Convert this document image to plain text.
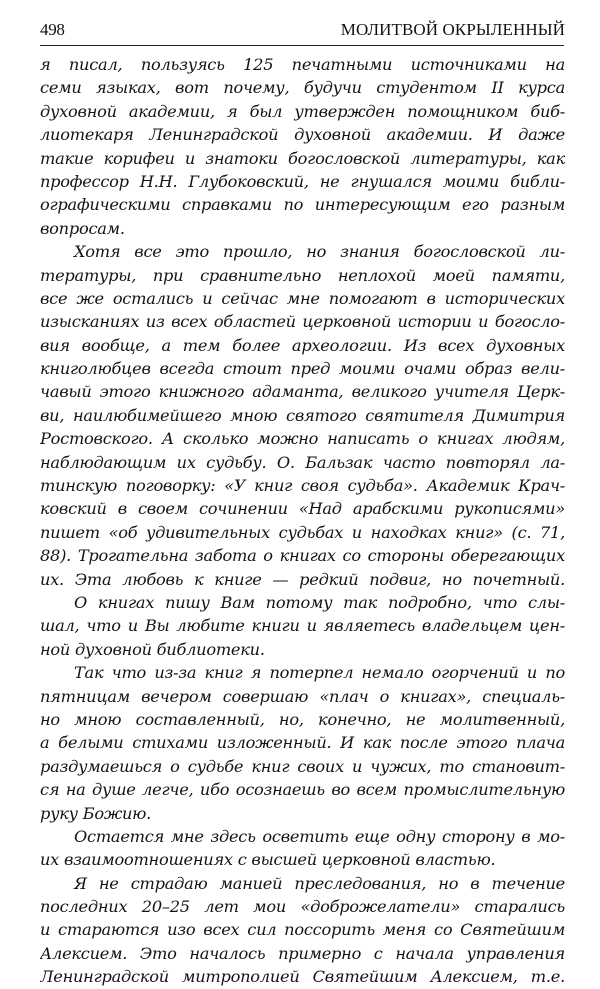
498	МОЛИТВОЙ ОКРЫЛЕННЫЙ
я писал, пользуясь 125 печатными источниками на
семи языках, вот почему, будучи студентом II курса
духовной академии, я был утвержден помощником биб-
лиотекаря Ленинградской духовной академии. И даже
такие корифеи и знатоки богословской литературы, как
профессор Н.Н. Глубоковский, не гнушался моими библи-
ографическими справками по интересующим его разным
вопросам.
Хотя все это прошло, но знания богословской ли-
тературы, при сравнительно неплохой моей памяти,
все же остались и сейчас мне помогают в исторических
изысканиях из всех областей церковной истории и богосло-
вия вообще, а тем более археологии. Из всех духовных
книголюбцев всегда стоит пред моими очами образ вели-
чавый этого книжного адаманта, великого учителя Церк-
ви, наилюбимейшего мною святого святителя Димитрия
Ростовского. А сколько можно написать о книгах людям,
наблюдающим их судьбу. О. Бальзак часто повторял ла-
тинскую поговорку: «У книг своя судьба». Академик Крач-
ковский в своем сочинении «Над арабскими рукописями»
пишет «об удивительных судьбах и находках книг» (с. 71,
88). Трогательна забота о книгах со стороны оберегающих
их. Эта любовь к книге — редкий подвиг, но почетный.
О книгах пишу Вам потому так подробно, что слы-
шал, что и Вы любите книги и являетесь владельцем цен-
ной духовной библиотеки.
Так что из-за книг я потерпел немало огорчений и по
пятницам вечером совершаю «плач о книгах», специаль-
но мною составленный, но, конечно, не молитвенный,
а белыми стихами изложенный. И как после этого плача
раздумаешься о судьбе книг своих и чужих, то становит-
ся на душе легче, ибо осознаешь во всем промыслительную
руку Божию.
Остается мне здесь осветить еще одну сторону в мо-
их взаимоотношениях с высшей церковной властью.
Я не страдаю манией преследования, но в течение
последних 20–25 лет мои «доброжелатели» старались
и стараются изо всех сил поссорить меня со Святейшим
Алексием. Это началось примерно с начала управления
Ленинградской митрополией Святейшим Алексием, т.е.
